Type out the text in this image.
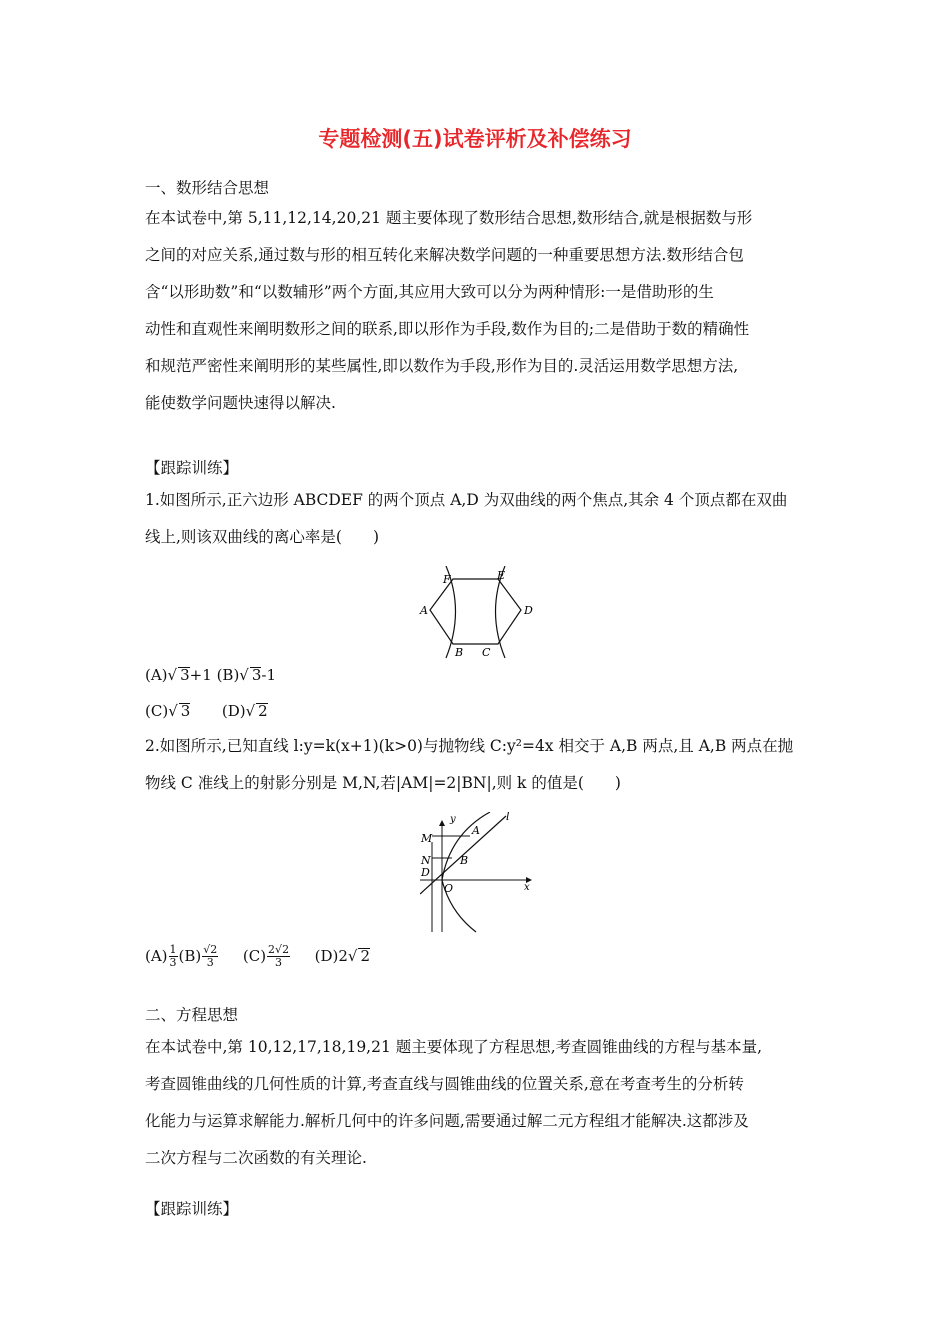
专题检测(五)试卷评析及补偿练习
一、数形结合思想
在本试卷中,第 5,11,12,14,20,21 题主要体现了数形结合思想,数形结合,就是根据数与形
之间的对应关系,通过数与形的相互转化来解决数学问题的一种重要思想方法.数形结合包
含“以形助数”和“以数辅形”两个方面,其应用大致可以分为两种情形:一是借助形的生
动性和直观性来阐明数形之间的联系,即以形作为手段,数作为目的;二是借助于数的精确性
和规范严密性来阐明形的某些属性,即以数作为手段,形作为目的.灵活运用数学思想方法,
能使数学问题快速得以解决.
【跟踪训练】
1.如图所示,正六边形 ABCDEF 的两个顶点 A,D 为双曲线的两个焦点,其余 4 个顶点都在双曲
线上,则该双曲线的离心率是(　　)
A
B C
D
E
F
(A)√ 3+1 (B)√ 3-1
(C)√ 3 (D)√ 2
2.如图所示,已知直线 l:y=k(x+1)(k>0)与抛物线 C:y²=4x 相交于 A,B 两点,且 A,B 两点在抛
物线 C 准线上的射影分别是 M,N,若|AM|=2|BN|,则 k 的值是(　　)
y	l
M
A
N	B
D
O	x
$(A) \frac{1}{3} (B) \frac{√2}{3} (C) \frac{2√2}{3} (D)2√$ 2
二、方程思想
在本试卷中,第 10,12,17,18,19,21 题主要体现了方程思想,考查圆锥曲线的方程与基本量,
考查圆锥曲线的几何性质的计算,考查直线与圆锥曲线的位置关系,意在考查考生的分析转
化能力与运算求解能力.解析几何中的许多问题,需要通过解二元方程组才能解决.这都涉及
二次方程与二次函数的有关理论.
【跟踪训练】
